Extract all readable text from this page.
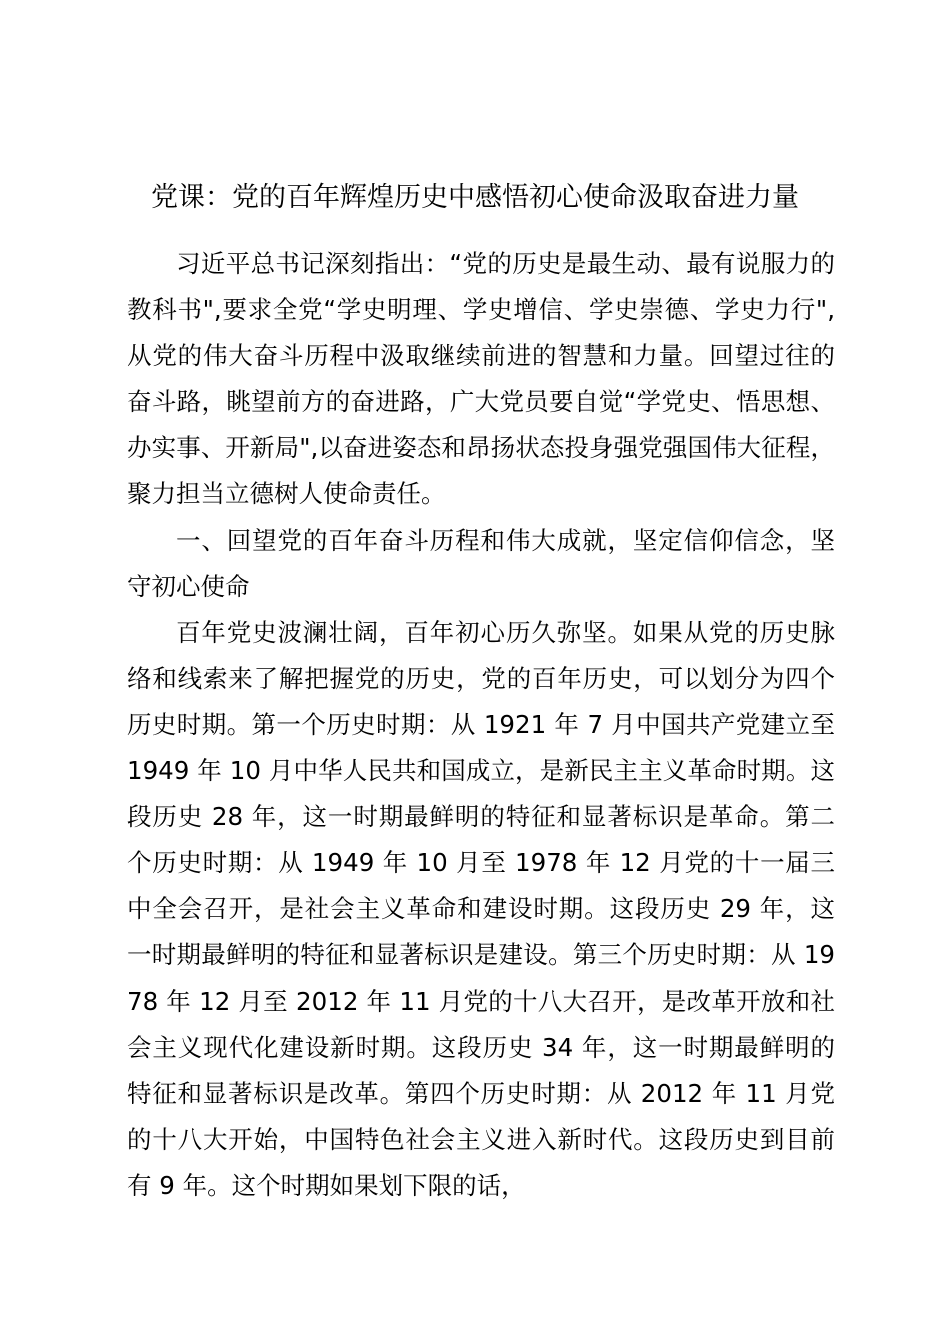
党课：党的百年辉煌历史中感悟初心使命汲取奋进力量

习近平总书记深刻指出：“党的历史是最生动、最有说服力的教科书",要求全党“学史明理、学史增信、学史崇德、学史力行",从党的伟大奋斗历程中汲取继续前进的智慧和力量。回望过往的奋斗路，眺望前方的奋进路，广大党员要自觉“学党史、悟思想、办实事、开新局",以奋进姿态和昂扬状态投身强党强国伟大征程，聚力担当立德树人使命责任。

一、回望党的百年奋斗历程和伟大成就，坚定信仰信念，坚守初心使命

百年党史波澜壮阔，百年初心历久弥坚。如果从党的历史脉络和线索来了解把握党的历史，党的百年历史，可以划分为四个历史时期。第一个历史时期：从 1921 年 7 月中国共产党建立至 1949 年 10 月中华人民共和国成立，是新民主主义革命时期。这段历史 28 年，这一时期最鲜明的特征和显著标识是革命。第二个历史时期：从 1949 年 10 月至 1978 年 12 月党的十一届三中全会召开，是社会主义革命和建设时期。这段历史 29 年，这一时期最鲜明的特征和显著标识是建设。第三个历史时期：从 1978 年 12 月至 2012 年 11 月党的十八大召开，是改革开放和社会主义现代化建设新时期。这段历史 34 年，这一时期最鲜明的特征和显著标识是改革。第四个历史时期：从 2012 年 11 月党的十八大开始，中国特色社会主义进入新时代。这段历史到目前有 9 年。这个时期如果划下限的话，
